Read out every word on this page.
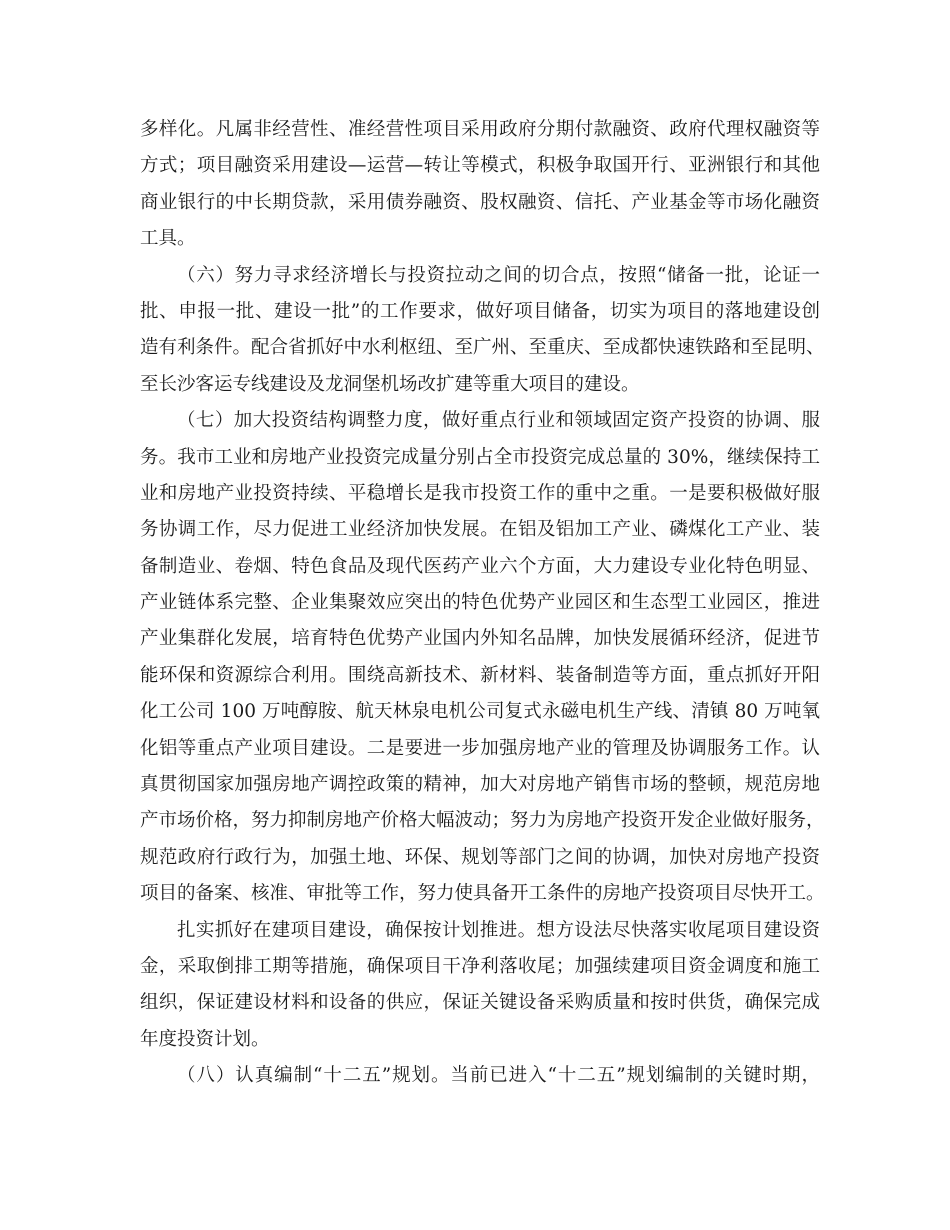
多样化。凡属非经营性、准经营性项目采用政府分期付款融资、政府代理权融资等
方式；项目融资采用建设—运营—转让等模式，积极争取国开行、亚洲银行和其他
商业银行的中长期贷款，采用债券融资、股权融资、信托、产业基金等市场化融资
工具。
（六）努力寻求经济增长与投资拉动之间的切合点，按照“储备一批，论证一
批、申报一批、建设一批”的工作要求，做好项目储备，切实为项目的落地建设创
造有利条件。配合省抓好中水利枢纽、至广州、至重庆、至成都快速铁路和至昆明、
至长沙客运专线建设及龙洞堡机场改扩建等重大项目的建设。
（七）加大投资结构调整力度，做好重点行业和领域固定资产投资的协调、服
务。我市工业和房地产业投资完成量分别占全市投资完成总量的 30%，继续保持工
业和房地产业投资持续、平稳增长是我市投资工作的重中之重。一是要积极做好服
务协调工作，尽力促进工业经济加快发展。在铝及铝加工产业、磷煤化工产业、装
备制造业、卷烟、特色食品及现代医药产业六个方面，大力建设专业化特色明显、
产业链体系完整、企业集聚效应突出的特色优势产业园区和生态型工业园区，推进
产业集群化发展，培育特色优势产业国内外知名品牌，加快发展循环经济，促进节
能环保和资源综合利用。围绕高新技术、新材料、装备制造等方面，重点抓好开阳
化工公司 100 万吨醇胺、航天林泉电机公司复式永磁电机生产线、清镇 80 万吨氧
化铝等重点产业项目建设。二是要进一步加强房地产业的管理及协调服务工作。认
真贯彻国家加强房地产调控政策的精神，加大对房地产销售市场的整顿，规范房地
产市场价格，努力抑制房地产价格大幅波动；努力为房地产投资开发企业做好服务，
规范政府行政行为，加强土地、环保、规划等部门之间的协调，加快对房地产投资
项目的备案、核准、审批等工作，努力使具备开工条件的房地产投资项目尽快开工。
扎实抓好在建项目建设，确保按计划推进。想方设法尽快落实收尾项目建设资
金，采取倒排工期等措施，确保项目干净利落收尾；加强续建项目资金调度和施工
组织，保证建设材料和设备的供应，保证关键设备采购质量和按时供货，确保完成
年度投资计划。
（八）认真编制“十二五”规划。当前已进入“十二五”规划编制的关键时期，
